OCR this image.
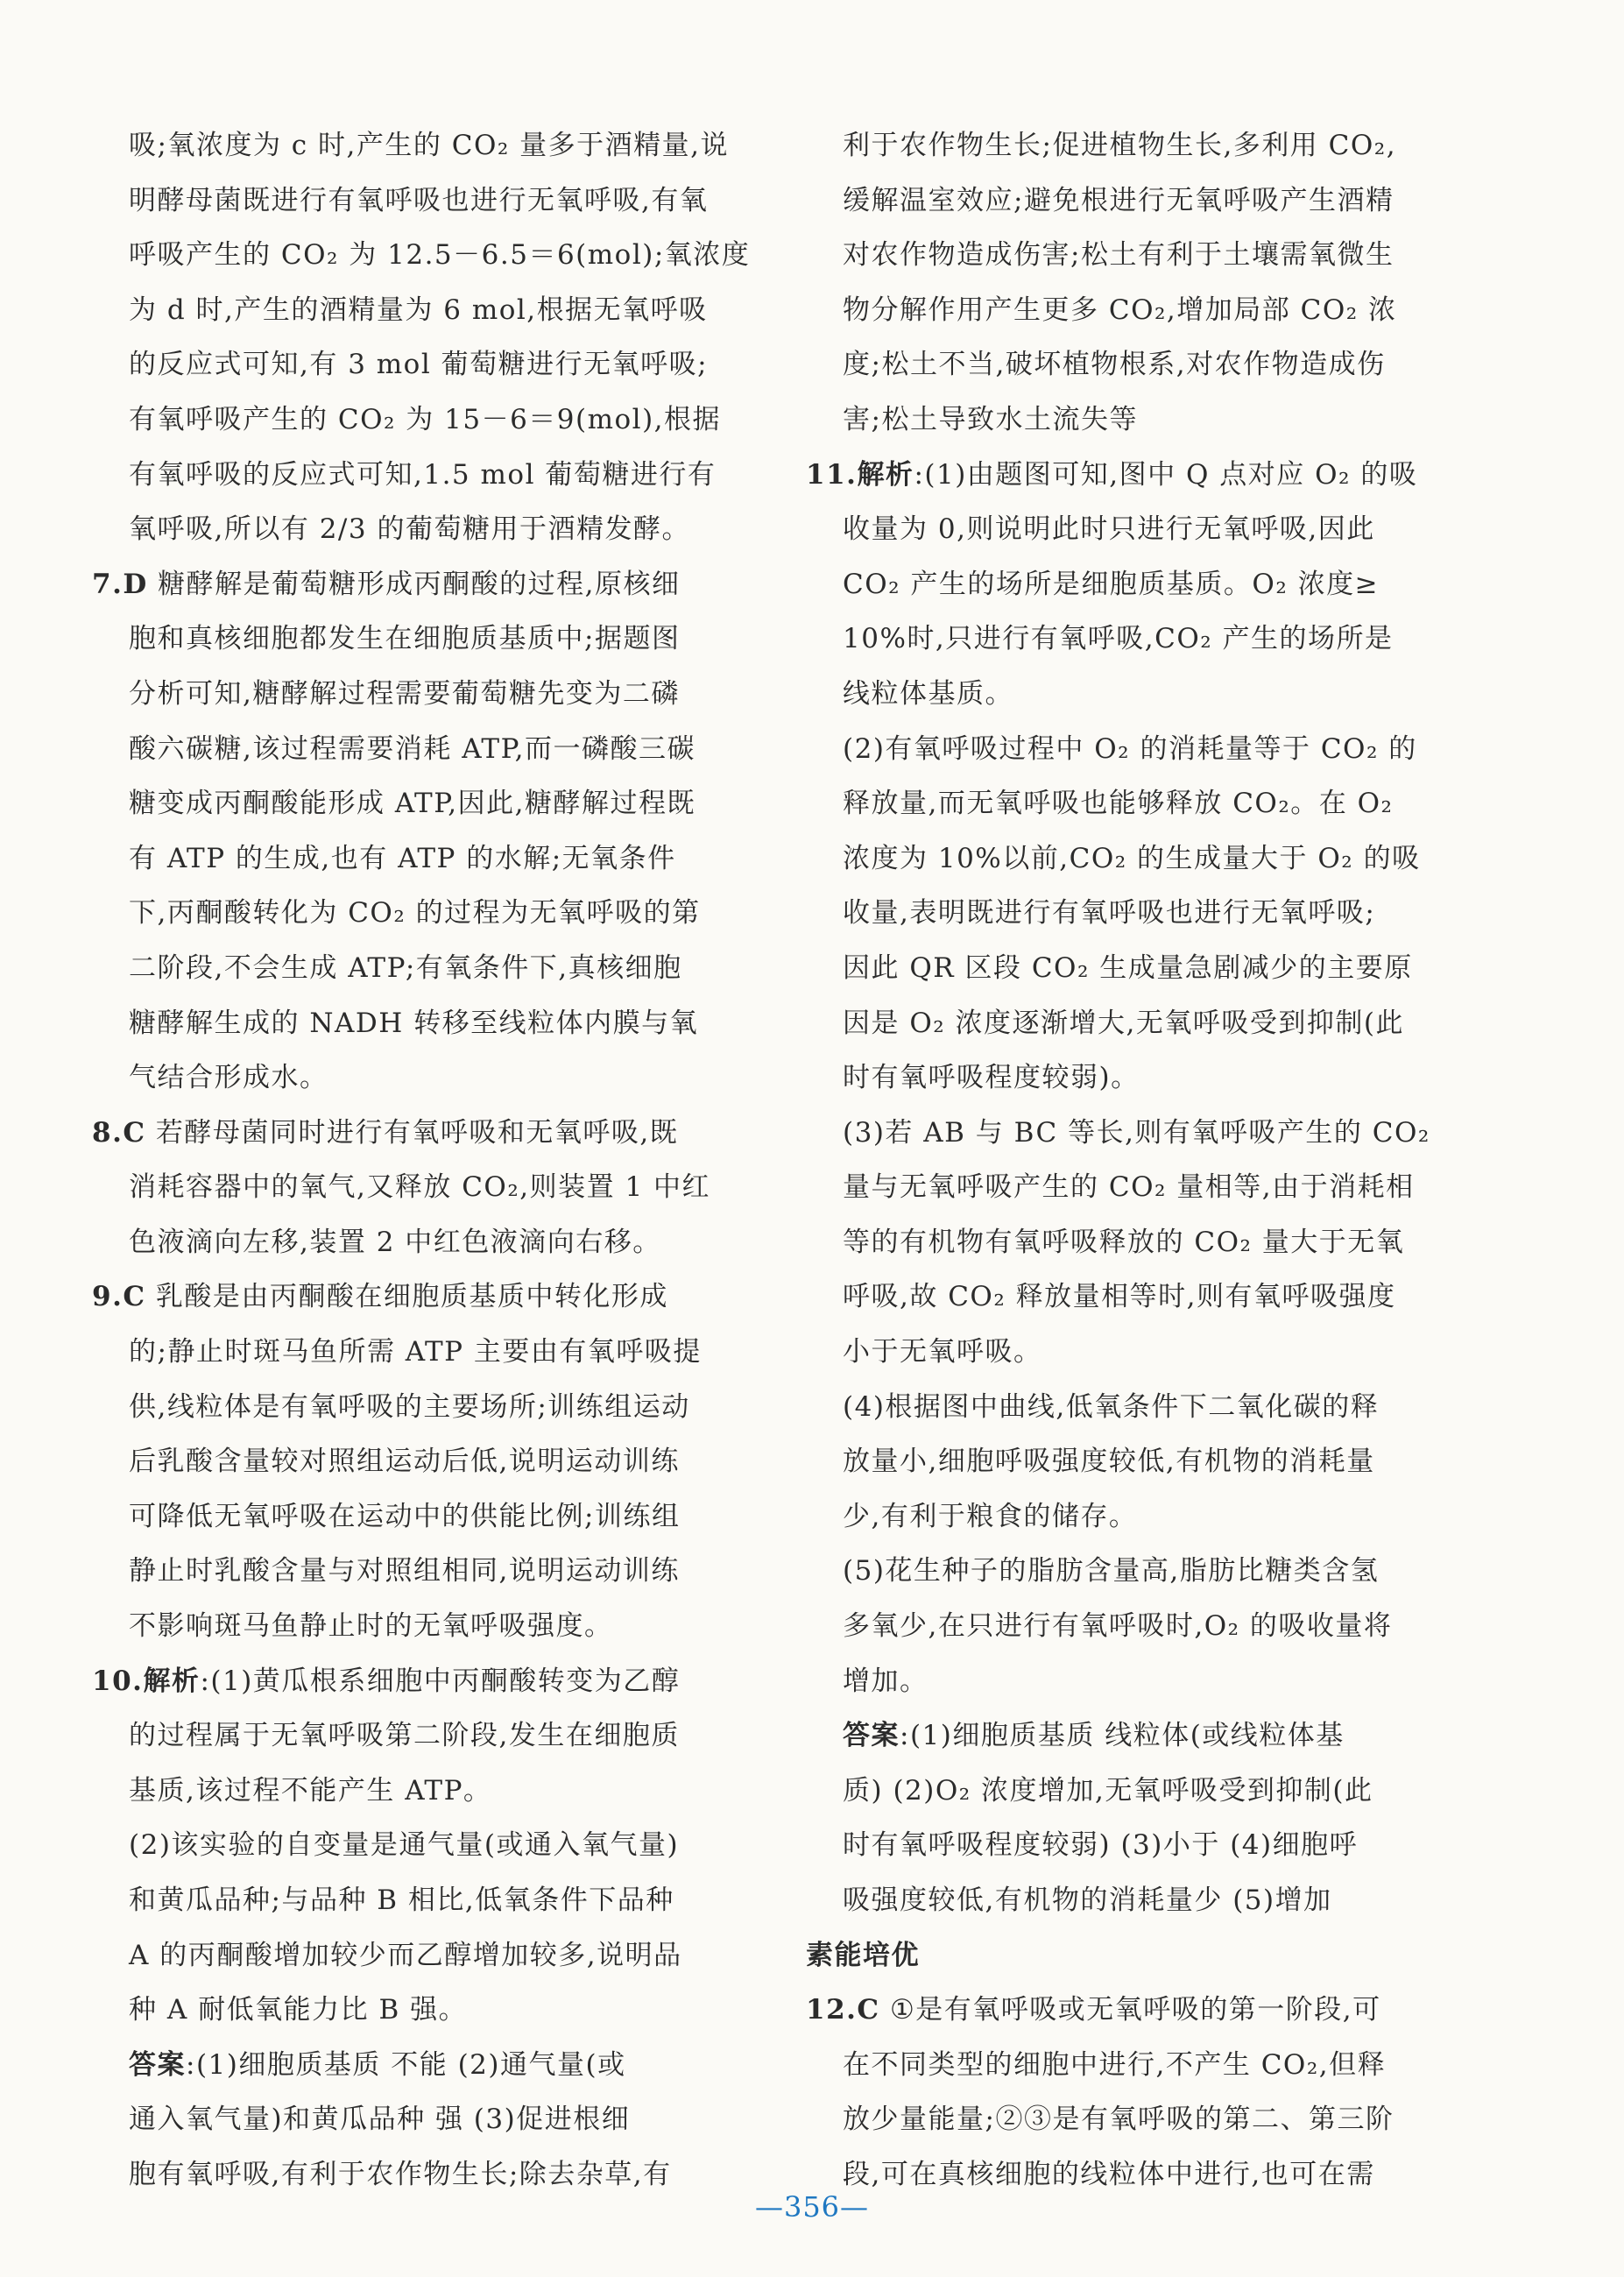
吸;氧浓度为 c 时,产生的 CO₂ 量多于酒精量,说

明酵母菌既进行有氧呼吸也进行无氧呼吸,有氧

呼吸产生的 CO₂ 为 12.5－6.5＝6(mol);氧浓度

为 d 时,产生的酒精量为 6 mol,根据无氧呼吸

的反应式可知,有 3 mol 葡萄糖进行无氧呼吸;

有氧呼吸产生的 CO₂ 为 15－6＝9(mol),根据

有氧呼吸的反应式可知,1.5 mol 葡萄糖进行有

氧呼吸,所以有 2/3 的葡萄糖用于酒精发酵。

7.D 糖酵解是葡萄糖形成丙酮酸的过程,原核细

胞和真核细胞都发生在细胞质基质中;据题图

分析可知,糖酵解过程需要葡萄糖先变为二磷

酸六碳糖,该过程需要消耗 ATP,而一磷酸三碳

糖变成丙酮酸能形成 ATP,因此,糖酵解过程既

有 ATP 的生成,也有 ATP 的水解;无氧条件

下,丙酮酸转化为 CO₂ 的过程为无氧呼吸的第

二阶段,不会生成 ATP;有氧条件下,真核细胞

糖酵解生成的 NADH 转移至线粒体内膜与氧

气结合形成水。

8.C 若酵母菌同时进行有氧呼吸和无氧呼吸,既

消耗容器中的氧气,又释放 CO₂,则装置 1 中红

色液滴向左移,装置 2 中红色液滴向右移。

9.C 乳酸是由丙酮酸在细胞质基质中转化形成

的;静止时斑马鱼所需 ATP 主要由有氧呼吸提

供,线粒体是有氧呼吸的主要场所;训练组运动

后乳酸含量较对照组运动后低,说明运动训练

可降低无氧呼吸在运动中的供能比例;训练组

静止时乳酸含量与对照组相同,说明运动训练

不影响斑马鱼静止时的无氧呼吸强度。

10.解析:(1)黄瓜根系细胞中丙酮酸转变为乙醇

的过程属于无氧呼吸第二阶段,发生在细胞质

基质,该过程不能产生 ATP。

(2)该实验的自变量是通气量(或通入氧气量)

和黄瓜品种;与品种 B 相比,低氧条件下品种

A 的丙酮酸增加较少而乙醇增加较多,说明品

种 A 耐低氧能力比 B 强。

答案:(1)细胞质基质 不能 (2)通气量(或

通入氧气量)和黄瓜品种 强 (3)促进根细

胞有氧呼吸,有利于农作物生长;除去杂草,有

利于农作物生长;促进植物生长,多利用 CO₂,

缓解温室效应;避免根进行无氧呼吸产生酒精

对农作物造成伤害;松土有利于土壤需氧微生

物分解作用产生更多 CO₂,增加局部 CO₂ 浓

度;松土不当,破坏植物根系,对农作物造成伤

害;松土导致水土流失等

11.解析:(1)由题图可知,图中 Q 点对应 O₂ 的吸

收量为 0,则说明此时只进行无氧呼吸,因此

CO₂ 产生的场所是细胞质基质。O₂ 浓度≥

10%时,只进行有氧呼吸,CO₂ 产生的场所是

线粒体基质。

(2)有氧呼吸过程中 O₂ 的消耗量等于 CO₂ 的

释放量,而无氧呼吸也能够释放 CO₂。在 O₂

浓度为 10%以前,CO₂ 的生成量大于 O₂ 的吸

收量,表明既进行有氧呼吸也进行无氧呼吸;

因此 QR 区段 CO₂ 生成量急剧减少的主要原

因是 O₂ 浓度逐渐增大,无氧呼吸受到抑制(此

时有氧呼吸程度较弱)。

(3)若 AB 与 BC 等长,则有氧呼吸产生的 CO₂

量与无氧呼吸产生的 CO₂ 量相等,由于消耗相

等的有机物有氧呼吸释放的 CO₂ 量大于无氧

呼吸,故 CO₂ 释放量相等时,则有氧呼吸强度

小于无氧呼吸。

(4)根据图中曲线,低氧条件下二氧化碳的释

放量小,细胞呼吸强度较低,有机物的消耗量

少,有利于粮食的储存。

(5)花生种子的脂肪含量高,脂肪比糖类含氢

多氧少,在只进行有氧呼吸时,O₂ 的吸收量将

增加。

答案:(1)细胞质基质 线粒体(或线粒体基

质) (2)O₂ 浓度增加,无氧呼吸受到抑制(此

时有氧呼吸程度较弱) (3)小于 (4)细胞呼

吸强度较低,有机物的消耗量少 (5)增加

素能培优

12.C ①是有氧呼吸或无氧呼吸的第一阶段,可

在不同类型的细胞中进行,不产生 CO₂,但释

放少量能量;②③是有氧呼吸的第二、第三阶

段,可在真核细胞的线粒体中进行,也可在需

—356—
